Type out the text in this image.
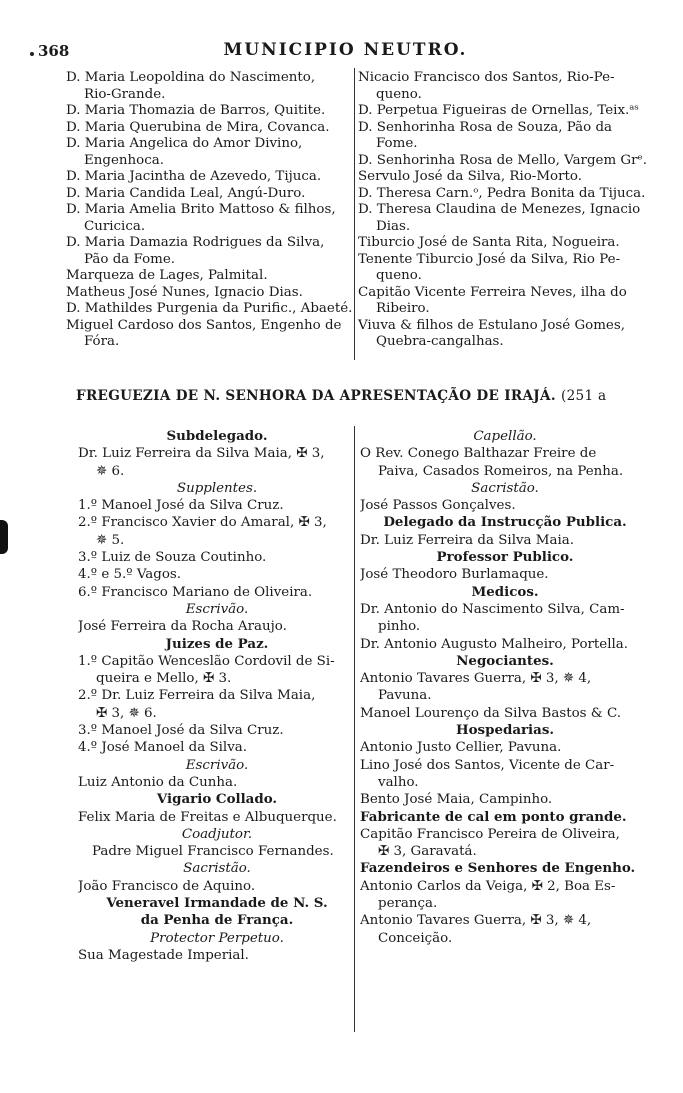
368	MUNICIPIO NEUTRO.
D. Maria Leopoldina do Nascimento,
Rio-Grande.
D. Maria Thomazia de Barros, Quitite.
D. Maria Querubina de Mira, Covanca.
D. Maria Angelica do Amor Divino,
Engenhoca.
D. Maria Jacintha de Azevedo, Tijuca.
D. Maria Candida Leal, Angú-Duro.
D. Maria Amelia Brito Mattoso & filhos,
Curicica.
D. Maria Damazia Rodrigues da Silva,
Pão da Fome.
Marqueza de Lages, Palmital.
Matheus José Nunes, Ignacio Dias.
D. Mathildes Purgenia da Purific., Abaeté.
Miguel Cardoso dos Santos, Engenho de
Fóra.
Nicacio Francisco dos Santos, Rio-Pe-
queno.
D. Perpetua Figueiras de Ornellas, Teix.ᵃˢ
D. Senhorinha Rosa de Souza, Pão da
Fome.
D. Senhorinha Rosa de Mello, Vargem Grᵉ.
Servulo José da Silva, Rio-Morto.
D. Theresa Carn.ᵒ, Pedra Bonita da Tijuca.
D. Theresa Claudina de Menezes, Ignacio
Dias.
Tiburcio José de Santa Rita, Nogueira.
Tenente Tiburcio José da Silva, Rio Pe-
queno.
Capitão Vicente Ferreira Neves, ilha do
Ribeiro.
Viuva & filhos de Estulano José Gomes,
Quebra-cangalhas.
FREGUEZIA DE N. SENHORA DA APRESENTAÇÃO DE IRAJÁ. (251 a
Subdelegado.
Dr. Luiz Ferreira da Silva Maia, ✠ 3,
✵ 6.
Supplentes.
1.º Manoel José da Silva Cruz.
2.º Francisco Xavier do Amaral, ✠ 3,
✵ 5.
3.º Luiz de Souza Coutinho.
4.º e 5.º Vagos.
6.º Francisco Mariano de Oliveira.
Escrivão.
José Ferreira da Rocha Araujo.
Juizes de Paz.
1.º Capitão Wenceslão Cordovil de Si-
queira e Mello, ✠ 3.
2.º Dr. Luiz Ferreira da Silva Maia,
✠ 3, ✵ 6.
3.º Manoel José da Silva Cruz.
4.º José Manoel da Silva.
Escrivão.
Luiz Antonio da Cunha.
Vigario Collado.
Felix Maria de Freitas e Albuquerque.
Coadjutor.
Padre Miguel Francisco Fernandes.
Sacristão.
João Francisco de Aquino.
Veneravel Irmandade de N. S.
da Penha de França.
Protector Perpetuo.
Sua Magestade Imperial.
Capellão.
O Rev. Conego Balthazar Freire de
Paiva, Casados Romeiros, na Penha.
Sacristão.
José Passos Gonçalves.
Delegado da Instrucção Publica.
Dr. Luiz Ferreira da Silva Maia.
Professor Publico.
José Theodoro Burlamaque.
Medicos.
Dr. Antonio do Nascimento Silva, Cam-
pinho.
Dr. Antonio Augusto Malheiro, Portella.
Negociantes.
Antonio Tavares Guerra, ✠ 3, ✵ 4,
Pavuna.
Manoel Lourenço da Silva Bastos & C.
Hospedarias.
Antonio Justo Cellier, Pavuna.
Lino José dos Santos, Vicente de Car-
valho.
Bento José Maia, Campinho.
Fabricante de cal em ponto grande.
Capitão Francisco Pereira de Oliveira,
✠ 3, Garavatá.
Fazendeiros e Senhores de Engenho.
Antonio Carlos da Veiga, ✠ 2, Boa Es-
perança.
Antonio Tavares Guerra, ✠ 3, ✵ 4,
Conceição.
